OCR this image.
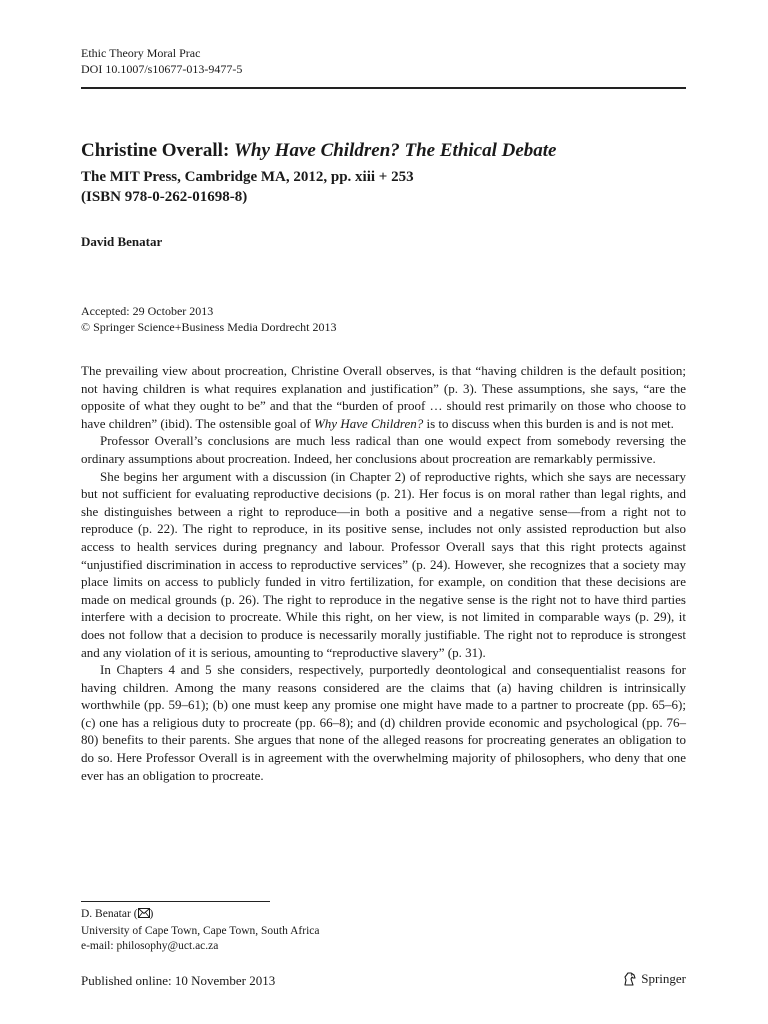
Ethic Theory Moral Prac
DOI 10.1007/s10677-013-9477-5
Christine Overall: Why Have Children? The Ethical Debate
The MIT Press, Cambridge MA, 2012, pp. xiii + 253
(ISBN 978-0-262-01698-8)
David Benatar
Accepted: 29 October 2013
© Springer Science+Business Media Dordrecht 2013

The prevailing view about procreation, Christine Overall observes, is that “having children is the default position; not having children is what requires explanation and justification” (p. 3). These assumptions, she says, “are the opposite of what they ought to be” and that the “burden of proof … should rest primarily on those who choose to have children” (ibid). The ostensible goal of Why Have Children? is to discuss when this burden is and is not met.

Professor Overall’s conclusions are much less radical than one would expect from somebody reversing the ordinary assumptions about procreation. Indeed, her conclusions about procreation are remarkably permissive.

She begins her argument with a discussion (in Chapter 2) of reproductive rights, which she says are necessary but not sufficient for evaluating reproductive decisions (p. 21). Her focus is on moral rather than legal rights, and she distinguishes between a right to reproduce—in both a positive and a negative sense—from a right not to reproduce (p. 22). The right to reproduce, in its positive sense, includes not only assisted reproduction but also access to health services during pregnancy and labour. Professor Overall says that this right protects against “unjustified discrimination in access to reproductive services” (p. 24). However, she recognizes that a society may place limits on access to publicly funded in vitro fertilization, for example, on condition that these decisions are made on medical grounds (p. 26). The right to reproduce in the negative sense is the right not to have third parties interfere with a decision to procreate. While this right, on her view, is not limited in comparable ways (p. 29), it does not follow that a decision to produce is necessarily morally justifiable. The right not to reproduce is strongest and any violation of it is serious, amounting to “reproductive slavery” (p. 31).

In Chapters 4 and 5 she considers, respectively, purportedly deontological and consequentialist reasons for having children. Among the many reasons considered are the claims that (a) having children is intrinsically worthwhile (pp. 59–61); (b) one must keep any promise one might have made to a partner to procreate (pp. 65–6); (c) one has a religious duty to procreate (pp. 66–8); and (d) children provide economic and psychological (pp. 76–80) benefits to their parents. She argues that none of the alleged reasons for procreating generates an obligation to do so. Here Professor Overall is in agreement with the overwhelming majority of philosophers, who deny that one ever has an obligation to procreate.

D. Benatar ( )
University of Cape Town, Cape Town, South Africa
e-mail: philosophy@uct.ac.za
Published online: 10 November 2013	Springer
